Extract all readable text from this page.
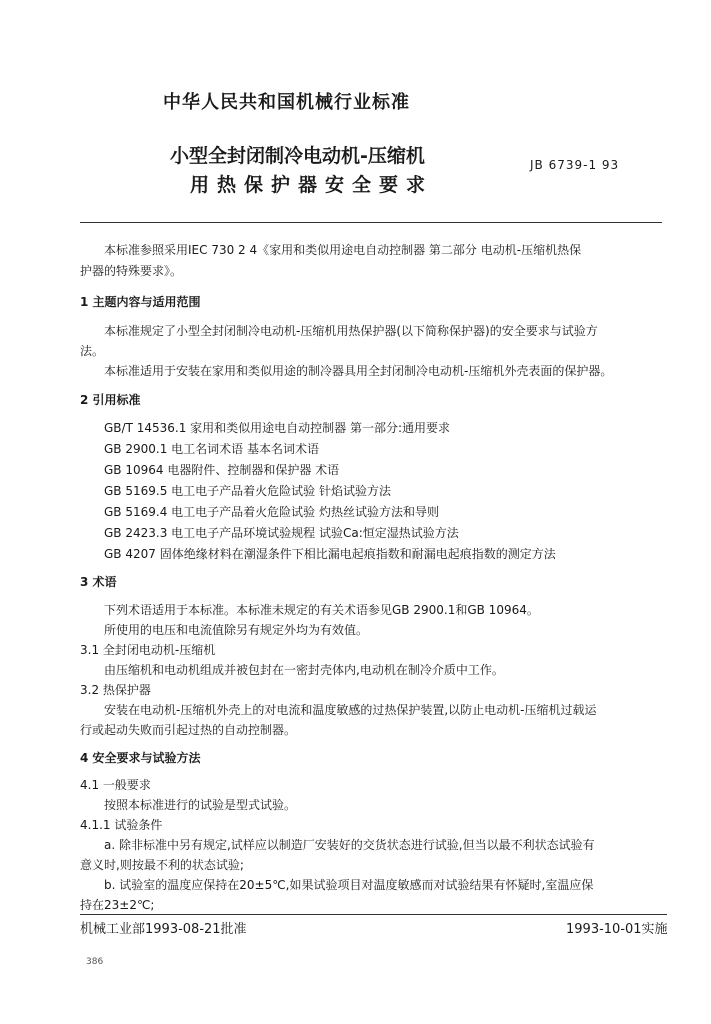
中华人民共和国机械行业标准
小型全封闭制冷电动机-压缩机
用热保护器安全要求
JB 6739-1 93
本标准参照采用IEC 730 2 4《家用和类似用途电自动控制器 第二部分 电动机-压缩机热保
护器的特殊要求》。
1 主题内容与适用范围
本标准规定了小型全封闭制冷电动机-压缩机用热保护器(以下简称保护器)的安全要求与试验方
法。
本标准适用于安装在家用和类似用途的制冷器具用全封闭制冷电动机-压缩机外壳表面的保护器。
2 引用标准
GB/T 14536.1 家用和类似用途电自动控制器 第一部分:通用要求
GB 2900.1 电工名词术语 基本名词术语
GB 10964 电器附件、控制器和保护器 术语
GB 5169.5 电工电子产品着火危险试验 针焰试验方法
GB 5169.4 电工电子产品着火危险试验 灼热丝试验方法和导则
GB 2423.3 电工电子产品环境试验规程 试验Ca:恒定湿热试验方法
GB 4207 固体绝缘材料在潮湿条件下相比漏电起痕指数和耐漏电起痕指数的测定方法
3 术语
下列术语适用于本标准。本标准未规定的有关术语参见GB 2900.1和GB 10964。
所使用的电压和电流值除另有规定外均为有效值。
3.1 全封闭电动机-压缩机
由压缩机和电动机组成并被包封在一密封壳体内,电动机在制冷介质中工作。
3.2 热保护器
安装在电动机-压缩机外壳上的对电流和温度敏感的过热保护装置,以防止电动机-压缩机过载运
行或起动失败而引起过热的自动控制器。
4 安全要求与试验方法
4.1 一般要求
按照本标准进行的试验是型式试验。
4.1.1 试验条件
a. 除非标准中另有规定,试样应以制造厂安装好的交货状态进行试验,但当以最不利状态试验有
意义时,则按最不利的状态试验;
b. 试验室的温度应保持在20±5℃,如果试验项目对温度敏感而对试验结果有怀疑时,室温应保
持在23±2℃;
机械工业部1993-08-21批准	1993-10-01实施
386
